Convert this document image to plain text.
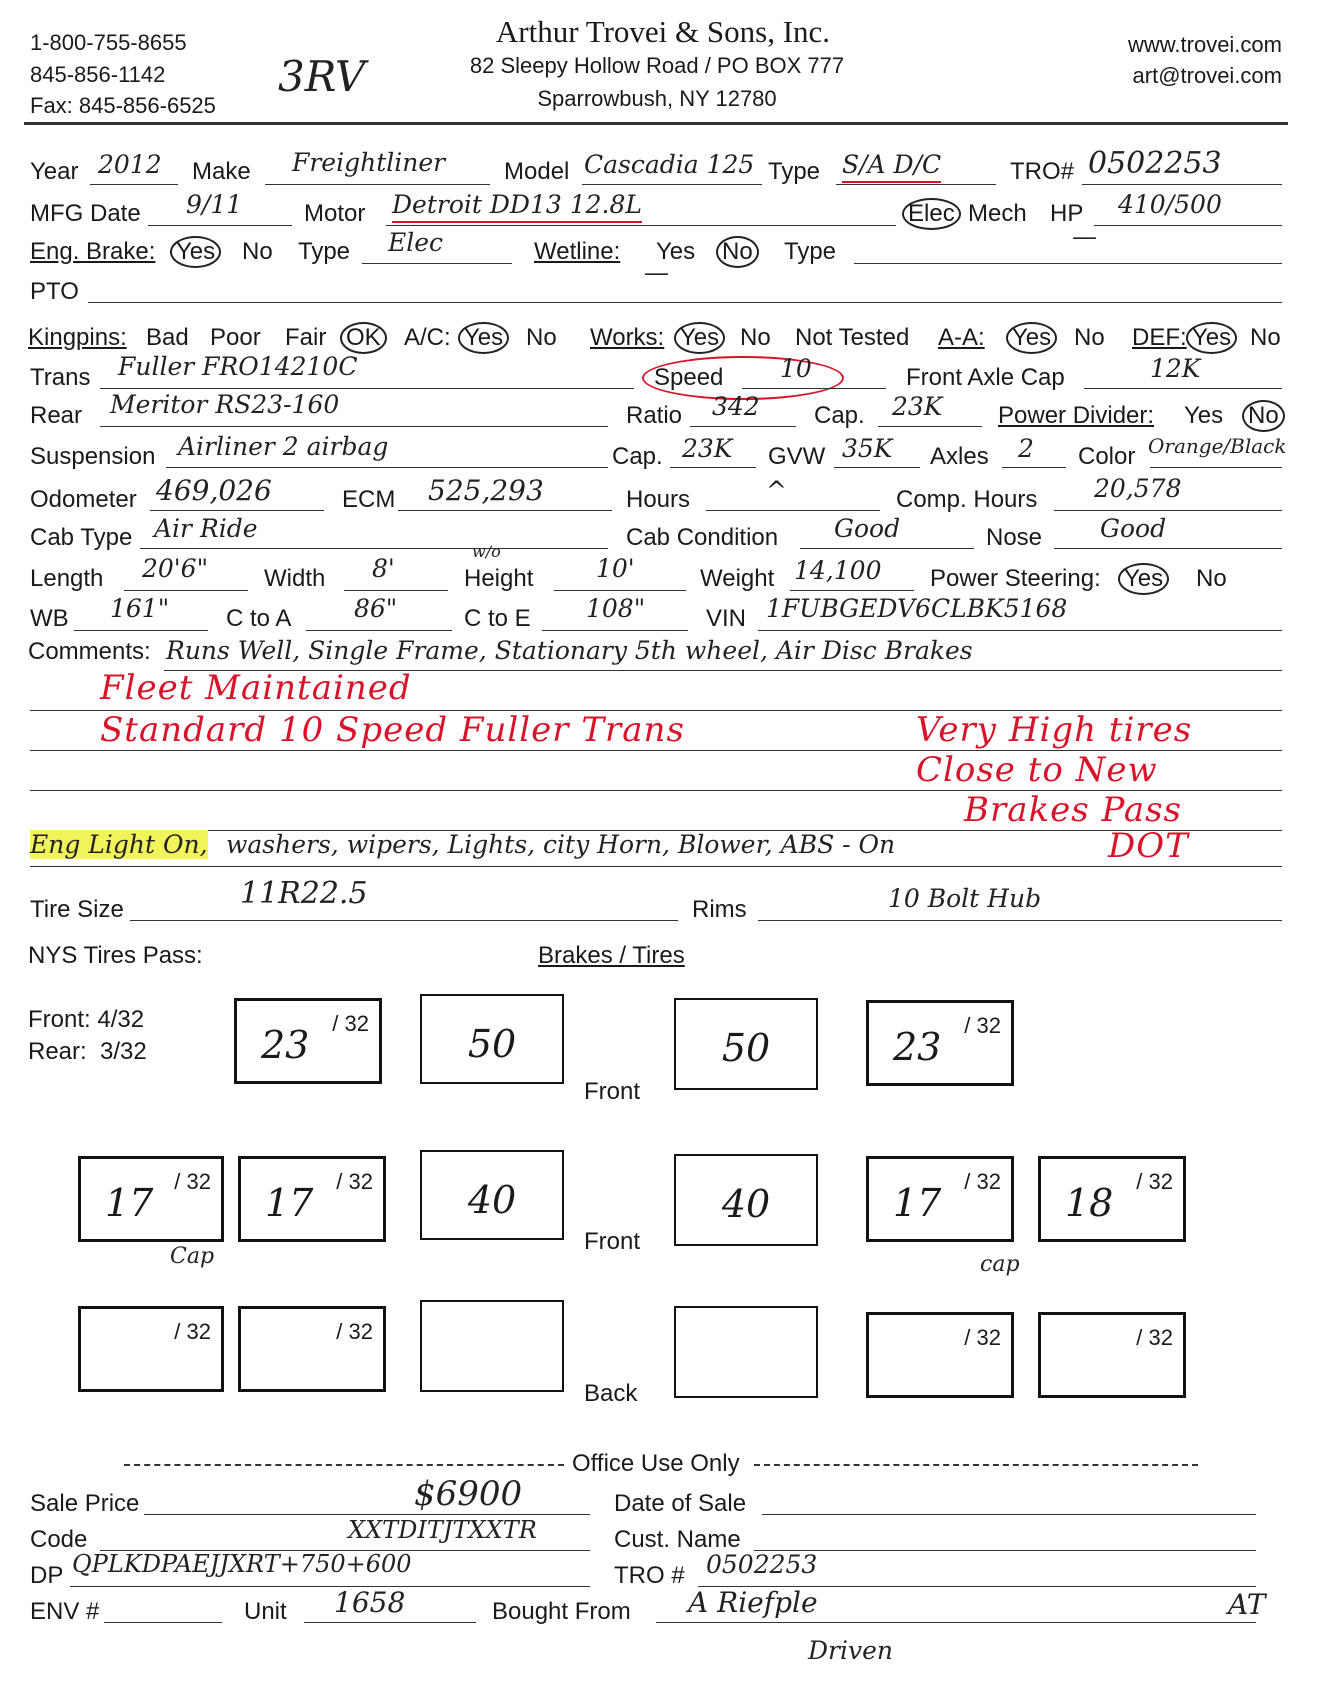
1-800-755-8655
845-856-1142
Fax: 845-856-6525
3RV
Arthur Trovei & Sons, Inc.
82 Sleepy Hollow Road / PO BOX 777
Sparrowbush, NY 12780
www.trovei.com
art@trovei.com
Year 2012 Make Freightliner Model Cascadia 125 Type S/A D/C	TRO# 0502253
MFG Date 9/11	Motor Detroit DD13 12.8L	Elec Mech HP 410/500
Eng. Brake: Yes No Type Elec	Wetline: Yes
—
No Type
—
PTO
Kingpins: Bad Poor Fair OK A/C: Yes No Works: Yes No Not Tested A-A: Yes No DEF: Yes No
Trans Fuller FRO14210C	Speed 10	Front Axle Cap	12K
Rear Meritor RS23-160	Ratio 342 Cap. 23K Power Divider: Yes No
Suspension Airliner 2 airbag	Cap. 23K GVW 35K Axles 2 Color Orange/Black
Odometer 469,026	ECM 525,293	Hours	^	Comp. Hours 20,578
Cab Type Air Ride	Cab Condition Good	Nose Good
Length 20'6" Width 8'
w/o
Height	10'	Weight 14,100 Power Steering: Yes No
WB 161" C to A	86"	C to E 108"	VIN 1FUBGEDV6CLBK5168
Comments: Runs Well, Single Frame, Stationary 5th wheel, Air Disc Brakes
Fleet Maintained
Standard 10 Speed Fuller Trans	Very High tires
Close to New
Brakes Pass
Eng Light On, washers, wipers, Lights, city Horn, Blower, ABS - On	DOT
Tire Size	11R22.5	Rims	10 Bolt Hub
NYS Tires Pass:	Brakes / Tires
Front: 4/32
Rear:  3/32
/ 32
23	50
Front
50
/ 32
23
/ 32
17	/ 32
17
Cap
40
Front
40
/ 32
17	/ 32
18
cap
/ 32	/ 32
Back
/ 32	/ 32
Office Use Only
Sale Price	$6900	Date of Sale
Code	XXTDITJTXXTR	Cust. Name
DP QPLKDPAEJJXRT+750+600	TRO # 0502253
ENV #	Unit 1658	Bought From A Riefple	AT
Driven
